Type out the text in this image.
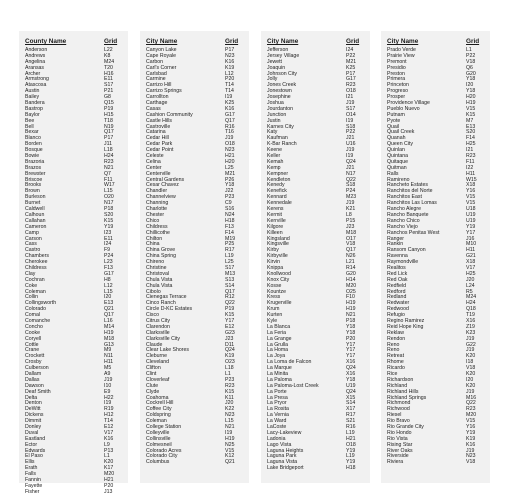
County Name	Grid
Anderson	L22
Andrews	K8
Angelina	M24
Aransas	T20
Archer	H16
Armstrong	E11
Atascosa	S17
Austin	P21
Bailey	G8
Bandera	Q15
Bastrop	P19
Baylor	H15
Bee	T18
Bell	N19
Bexar	Q17
Blanco	P17
Borden	J11
Bosque	L18
Bowie	H24
Brazoria	R23
Brazos	N21
Brewster	Q7
Briscoe	F11
Brooks	W17
Brown	L15
Burleson	O20
Burnet	N17
Caldwell	P18
Calhoun	S20
Callahan	K15
Cameron	Y19
Camp	I23
Carson	E11
Cass	I24
Castro	F9
Chambers	P24
Cherokee	L23
Childress	F13
Clay	G17
Cochran	H8
Coke	L12
Coleman	L15
Collin	I20
Collingsworth	E13
Colorado	Q21
Comal	Q17
Comanche	L16
Concho	M14
Cooke	H19
Coryell	M18
Cottle	G13
Crane	M9
Crockett	N11
Crosby	H11
Culberson	M5
Dallam	A9
Dallas	J19
Dawson	I10
Deaf Smith	E9
Delta	H22
Denton	I19
DeWitt	R19
Dickens	H12
Dimmit	T14
Donley	E12
Duval	V17
Eastland	K16
Ector	L9
Edwards	P13
El Paso	L1
Ellis	K20
Erath	K17
Falls	M20
Fannin	H21
Fayette	P20
Fisher	J13
City Name	Grid
Canyon Lake	P17
Cape Royale	N23
Carbon	K16
Carl's Corner	K19
Carlsbad	L12
Carmine	P20
Carrizo Hill	T14
Carrizo Springs	T14
Carrollton	I19
Carthage	K25
Casas	K16
Cashion Community	G17
Castle Hills	Q17
Castroville	R16
Catarina	T16
Cedar Hill	J19
Cedar Park	O18
Cedar Point	N23
Celeste	H21
Celina	H20
Center	L25
Centerville	M21
Central Gardens	P26
Cesar Chavez	Y18
Chandler	J22
Channelview	P23
Channing	C9
Charlotte	S16
Chester	N24
Chico	H18
Childress	F13
Chillicothe	F14
Chilton	M19
China	P25
China Grove	R17
China Spring	L19
Chireno	L25
Christine	S17
Christoval	M13
Chula Vista	S13
Chula Vista	S14
Cibolo	Q17
Cienegas Terrace	R12
Cinco Ranch	Q22
Circle D-KC Estates	P19
Cisco	K15
Citrus City	Y17
Clarendon	E12
Clarksville	G23
Clarksville City	J23
Claude	D11
Clear Lake Shores	Q24
Cleburne	K19
Cleveland	O23
Clifton	L18
Clint	L1
Cloverleaf	P23
Clute	R23
Clyde	K15
Coahoma	K11
Cockrell Hill	J20
Coffee City	K22
Coldspring	N23
Coleman	L15
College Station	N21
Colleyville	I19
Collinsville	H19
Colmesneil	N25
Colorado Acres	V15
Colorado City	K12
Columbus	Q21
City Name	Grid
Jefferson	I24
Jersey Village	P22
Jewett	M21
Joaquin	K25
Johnson City	P17
Jolly	G17
Jones Creek	R23
Jonestown	O18
Josephine	I21
Joshua	J19
Jourdanton	S17
Junction	O14
Justin	I19
Karnes City	S18
Katy	P22
Kaufman	J21
K-Bar Ranch	U16
Keene	J19
Keller	I19
Kemah	Q24
Kemp	J21
Kempner	N17
Kendleton	Q22
Kenedy	S18
Kenefick	P24
Kennard	M23
Kennedale	J19
Kerens	K21
Kermit	L8
Kerrville	P15
Kilgore	J23
Killeen	M18
Kingsland	O17
Kingsville	V18
Kirby	Q17
Kirbyville	N26
Kirvin	L21
Knippa	R14
Knollwood	G20
Knox City	H14
Kosse	M20
Kountze	O25
Kress	F10
Krugerville	H19
Krum	H19
Kurten	N21
Kyle	P18
La Blanca	Y18
La Feria	Y18
La Grange	P20
La Grulla	Y17
La Homa	Y17
La Joya	Y17
La Loma de Falcon	X16
La Marque	Q24
La Minita	X16
La Paloma	Y18
La Paloma-Lost Creek	U19
La Porte	Q24
La Presa	X15
La Pryor	S14
La Rosita	X17
La Vernia	R17
La Ward	S21
LaCoste	R16
Lacy-Lakeview	L19
Ladonia	H21
Lago Vista	O18
Laguna Heights	Y19
Laguna Park	L19
Laguna Vista	Y19
Lake Bridgeport	H18
City Name	Grid
Prado Verde	L1
Prairie View	P22
Premont	V18
Presidio	Q6
Preston	G20
Primera	Y18
Princeton	I20
Progreso	Y18
Prosper	H20
Providence Village	H19
Pueblo Nuevo	V15
Putnam	K15
Pyote	M7
Quail	E13
Quail Creek	S20
Quanah	F14
Queen City	H25
Quinlan	I21
Quintana	R23
Quitaque	F11
Quitman	I22
Ralls	H11
Ramireno	W15
Rancheto Estates	X18
Ranchitos del Norte	Y16
Ranchitos East	V15
Ranchitos Las Lomas	V15
Rancho Alegre	U18
Rancho Banquete	U19
Rancho Chico	U19
Rancho Viejo	Y19
Ranchos Penitas West	Y17
Ranger	J16
Rankin	M10
Ransom Canyon	H11
Ravenna	G21
Raymondville	X18
Realitos	V17
Red Lick	H25
Red Oak	J20
Redfield	L24
Redford	R5
Redland	M24
Redwater	H24
Redwood	Q18
Refugio	T19
Regino Ramirez	X16
Reid Hope King	Z19
Reklaw	K23
Rendon	J19
Reno	G22
Reno	J19
Retreat	K20
Rhome	I18
Ricardo	V18
Rice	K20
Richardson	I20
Richland	K20
Richland Hills	J19
Richland Springs	M16
Richmond	Q22
Richwood	R23
Riesel	M20
Rio Bravo	V15
Rio Grande City	Y16
Rio Hondo	Y19
Rio Vista	K19
Rising Star	K16
River Oaks	J19
Riverside	N23
Riviera	V18
